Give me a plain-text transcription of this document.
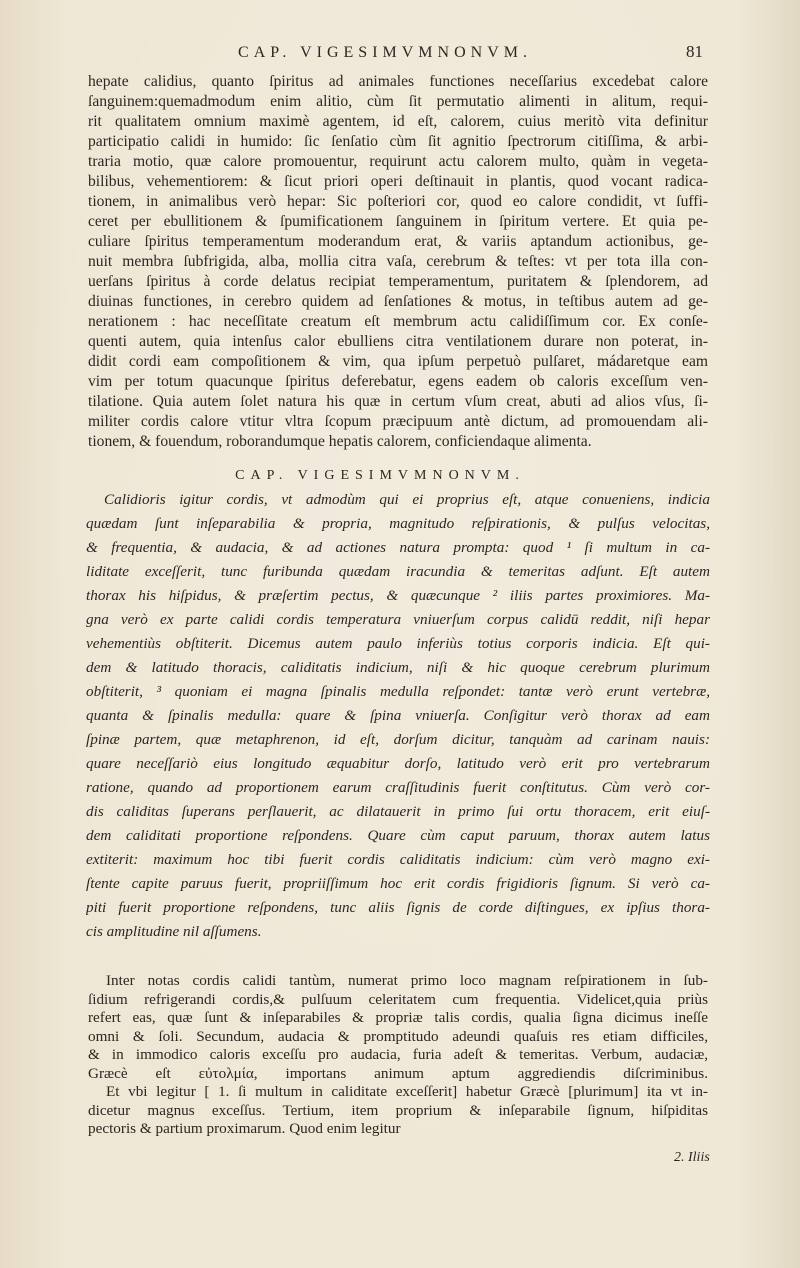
CAP. VIGESIMVMNONVM.	81
hepate calidius, quanto ſpiritus ad animales functiones neceſſarius excedebat calore
ſanguinem:quemadmodum enim alitio, cùm ſit permutatio alimenti in alitum, requi-
rit qualitatem omnium maximè agentem, id eſt, calorem, cuius meritò vita definitur
participatio calidi in humido: ſic ſenſatio cùm ſit agnitio ſpectrorum citiſſima, & arbi-
traria motio, quæ calore promouentur, requirunt actu calorem multo, quàm in vegeta-
bilibus, vehementiorem: & ſicut priori operi deſtinauit in plantis, quod vocant radica-
tionem, in animalibus verò hepar: Sic poſteriori cor, quod eo calore condidit, vt ſuffi-
ceret per ebullitionem & ſpumificationem ſanguinem in ſpiritum vertere. Et quia pe-
culiare ſpiritus temperamentum moderandum erat, & variis aptandum actionibus, ge-
nuit membra ſubfrigida, alba, mollia citra vaſa, cerebrum & teſtes: vt per tota illa con-
uerſans ſpiritus à corde delatus recipiat temperamentum, puritatem & ſplendorem, ad
diuinas functiones, in cerebro quidem ad ſenſationes & motus, in teſtibus autem ad ge-
nerationem : hac neceſſitate creatum eſt membrum actu calidiſſimum cor. Ex conſe-
quenti autem, quia intenſus calor ebulliens citra ventilationem durare non poterat, in-
didit cordi eam compoſitionem & vim, qua ipſum perpetuò pulſaret, mádaretque eam
vim per totum quacunque ſpiritus deferebatur, egens eadem ob caloris exceſſum ven-
tilatione. Quia autem ſolet natura his quæ in certum vſum creat, abuti ad alios vſus, ſi-
militer cordis calore vtitur vltra ſcopum præcipuum antè dictum, ad promouendam ali-
tionem, & fouendum, roborandumque hepatis calorem, conficiendaque alimenta.
CAP. VIGESIMVMNONVM.
Calidioris igitur cordis, vt admodùm qui ei proprius eſt, atque conueniens, indicia
quædam ſunt inſeparabilia & propria, magnitudo reſpirationis, & pulſus velocitas,
& frequentia, & audacia, & ad actiones natura prompta: quod ¹ ſi multum in ca-
liditate exceſſerit, tunc furibunda quædam iracundia & temeritas adſunt. Eſt autem
thorax his hiſpidus, & præſertim pectus, & quæcunque ² iliis partes proximiores. Ma-
gna verò ex parte calidi cordis temperatura vniuerſum corpus calidū reddit, niſi hepar
vehementiùs obſtiterit. Dicemus autem paulo inferiùs totius corporis indicia. Eſt qui-
dem & latitudo thoracis, caliditatis indicium, niſi & hic quoque cerebrum plurimum
obſtiterit, ³ quoniam ei magna ſpinalis medulla reſpondet: tantæ verò erunt vertebræ,
quanta & ſpinalis medulla: quare & ſpina vniuerſa. Conſigitur verò thorax ad eam
ſpinæ partem, quæ metaphrenon, id eſt, dorſum dicitur, tanquàm ad carinam nauis:
quare neceſſariò eius longitudo æquabitur dorſo, latitudo verò erit pro vertebrarum
ratione, quando ad proportionem earum craſſitudinis fuerit conſtitutus. Cùm verò cor-
dis caliditas ſuperans perſlauerit, ac dilatauerit in primo ſui ortu thoracem, erit eiuſ-
dem caliditati proportione reſpondens. Quare cùm caput paruum, thorax autem latus
extiterit: maximum hoc tibi fuerit cordis caliditatis indicium: cùm verò magno exi-
ſtente capite paruus fuerit, propriiſſimum hoc erit cordis frigidioris ſignum. Si verò ca-
piti fuerit proportione reſpondens, tunc aliis ſignis de corde diſtingues, ex ipſius thora-
cis amplitudine nil aſſumens.
Inter notas cordis calidi tantùm, numerat primo loco magnam reſpirationem in ſub-
ſidium refrigerandi cordis,& pulſuum celeritatem cum frequentia. Videlicet,quia priùs
refert eas, quæ ſunt & inſeparabiles & propriæ talis cordis, qualia ſigna dicimus ineſſe
omni & ſoli. Secundum, audacia & promptitudo adeundi quaſuis res etiam difficiles,
& in immodico caloris exceſſu pro audacia, furia adeſt & temeritas. Verbum, audaciæ,
Græcè eſt εὐτολμία, importans animum aptum aggrediendis diſcriminibus.
Et vbi legitur [ 1. ſi multum in caliditate exceſſerit] habetur Græcè [plurimum] ita vt in-
dicetur magnus exceſſus. Tertium, item proprium & inſeparabile ſignum, hiſpiditas
pectoris & partium proximarum. Quod enim legitur
2. Iliis
